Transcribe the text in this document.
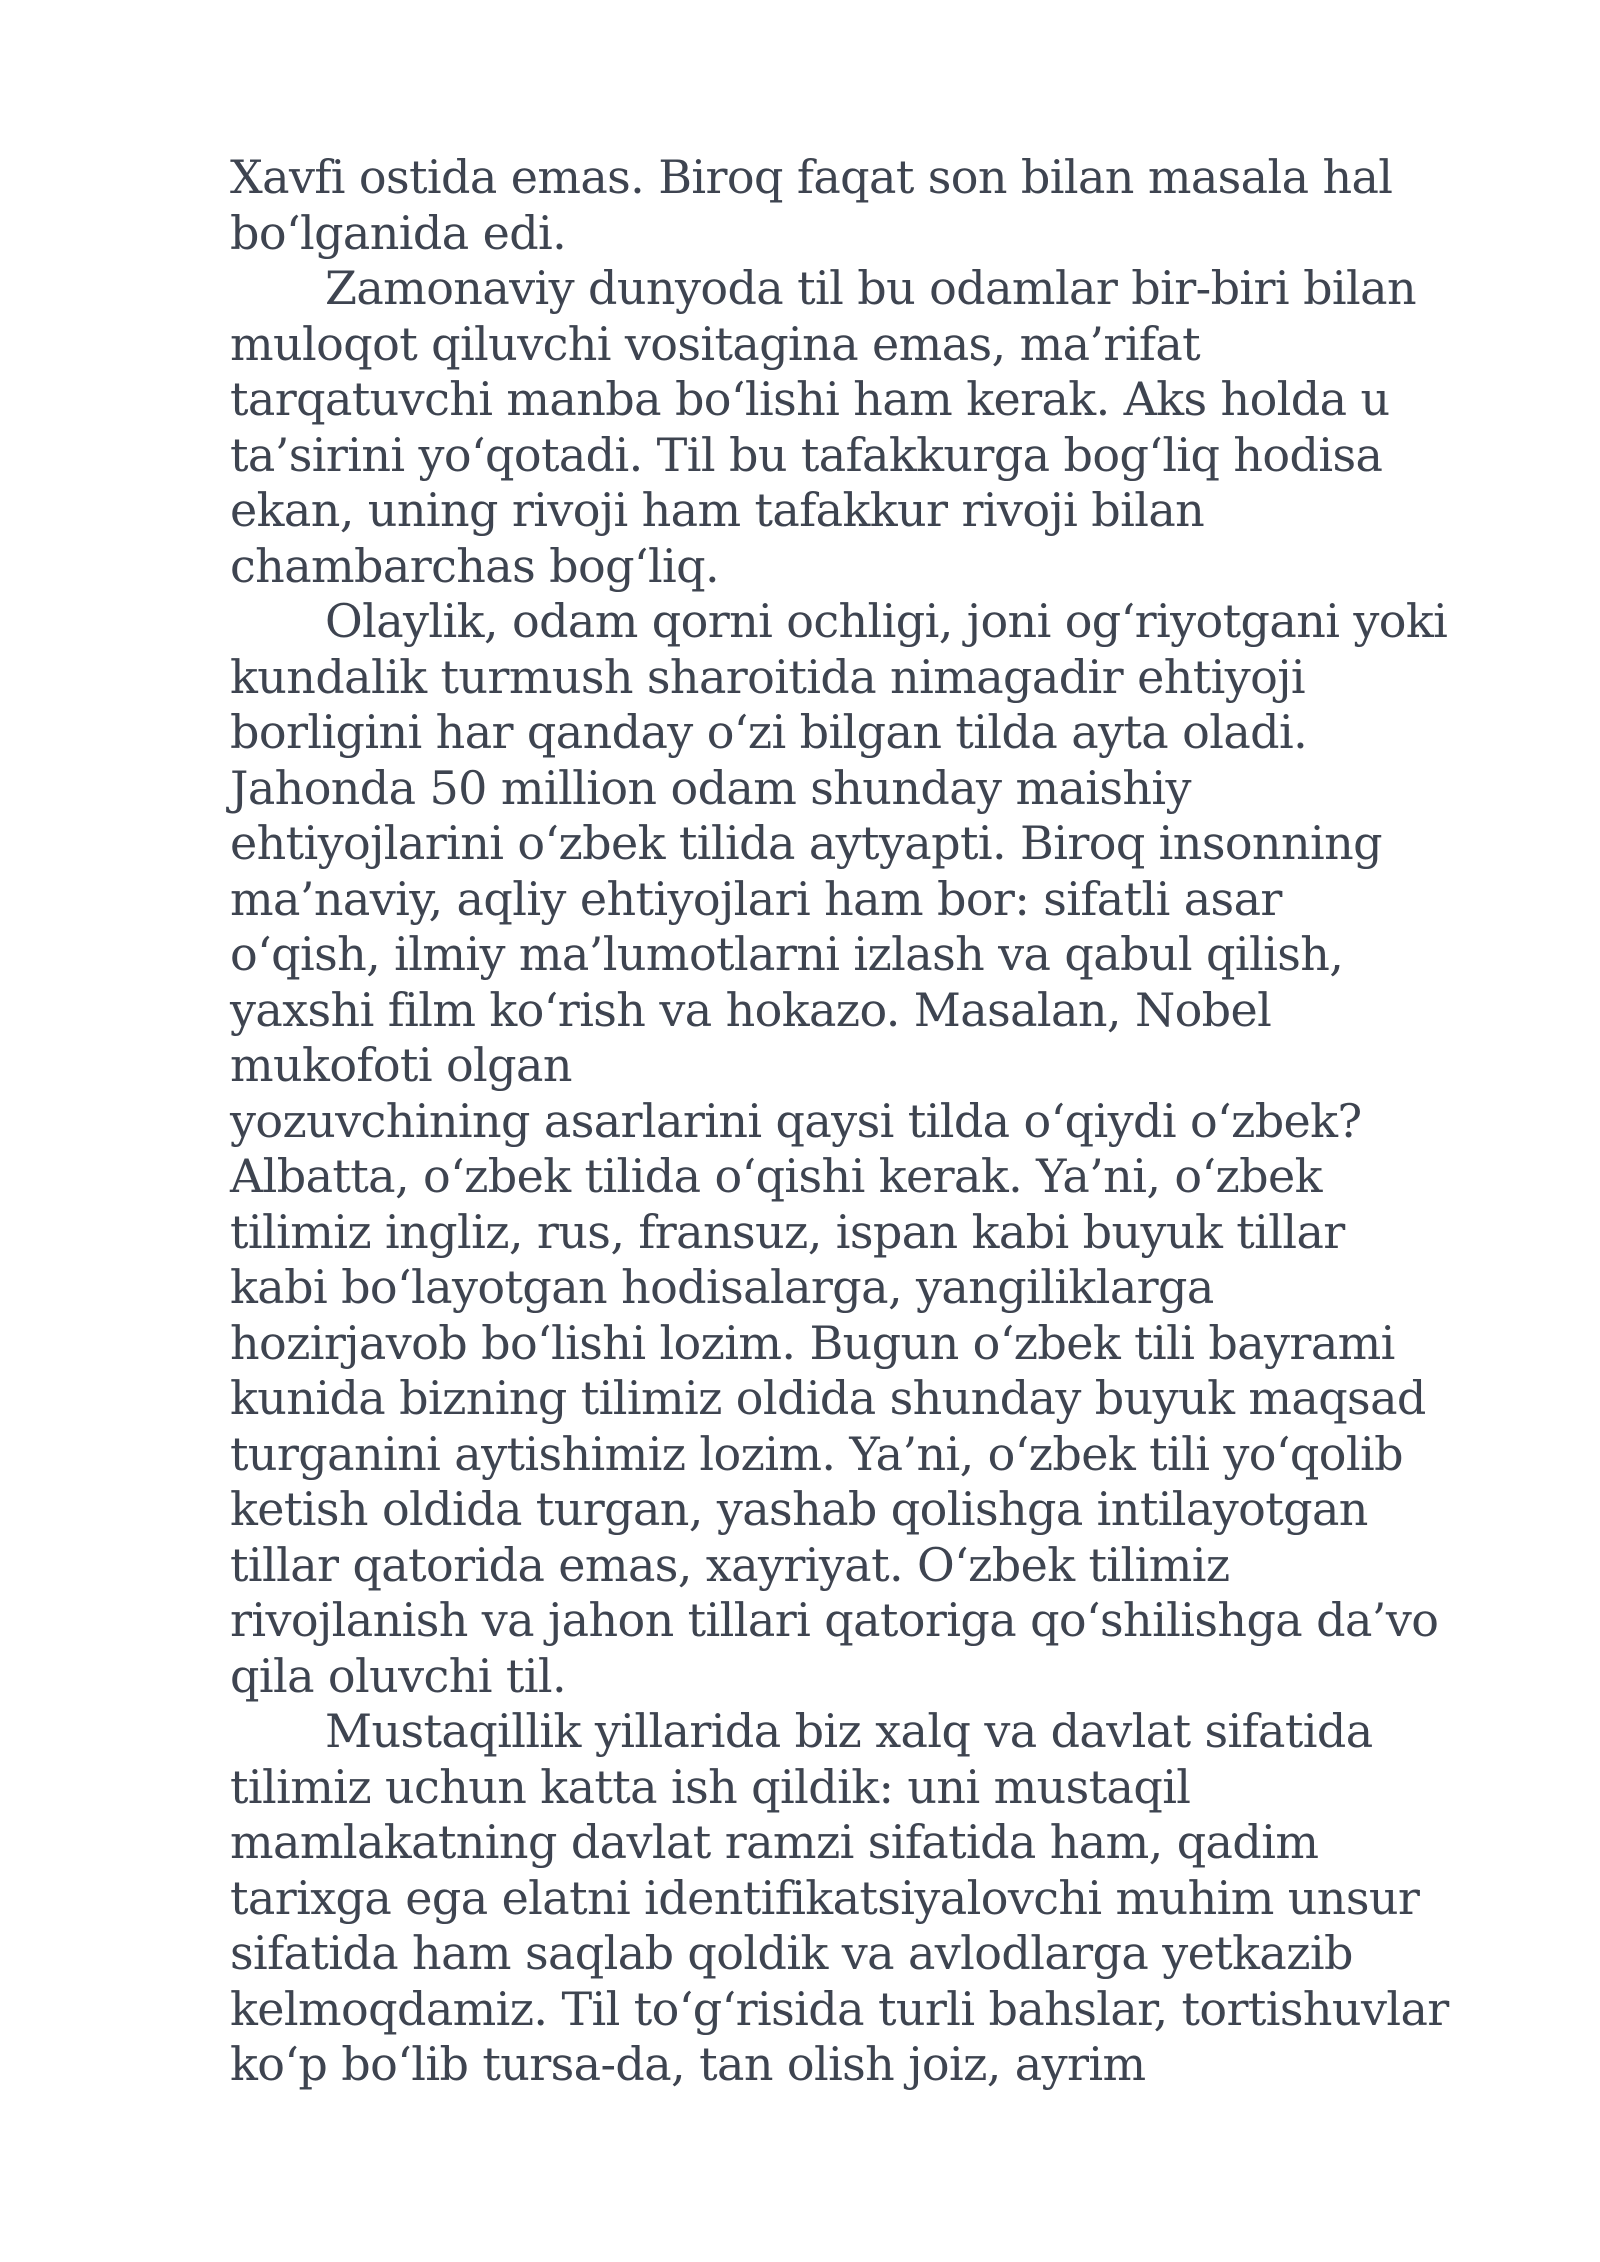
Xavfi ostida emas. Biroq faqat son bilan masala hal
bo‘lganida edi.
Zamonaviy dunyoda til bu odamlar bir-biri bilan
muloqot qiluvchi vositagina emas, ma’rifat
tarqatuvchi manba bo‘lishi ham kerak. Aks holda u
ta’sirini yo‘qotadi. Til bu tafakkurga bog‘liq hodisa
ekan, uning rivoji ham tafakkur rivoji bilan
chambarchas bog‘liq.
Olaylik, odam qorni ochligi, joni og‘riyotgani yoki
kundalik turmush sharoitida nimagadir ehtiyoji
borligini har qanday o‘zi bilgan tilda ayta oladi.
Jahonda 50 million odam shunday maishiy
ehtiyojlarini o‘zbek tilida aytyapti. Biroq insonning
ma’naviy, aqliy ehtiyojlari ham bor: sifatli asar
o‘qish, ilmiy ma’lumotlarni izlash va qabul qilish,
yaxshi film ko‘rish va hokazo. Masalan, Nobel
mukofoti olgan
yozuvchining asarlarini qaysi tilda o‘qiydi o‘zbek?
Albatta, o‘zbek tilida o‘qishi kerak. Ya’ni, o‘zbek
tilimiz ingliz, rus, fransuz, ispan kabi buyuk tillar
kabi bo‘layotgan hodisalarga, yangiliklarga
hozirjavob bo‘lishi lozim. Bugun o‘zbek tili bayrami
kunida bizning tilimiz oldida shunday buyuk maqsad
turganini aytishimiz lozim. Ya’ni, o‘zbek tili yo‘qolib
ketish oldida turgan, yashab qolishga intilayotgan
tillar qatorida emas, xayriyat. O‘zbek tilimiz
rivojlanish va jahon tillari qatoriga qo‘shilishga da’vo
qila oluvchi til.
Mustaqillik yillarida biz xalq va davlat sifatida
tilimiz uchun katta ish qildik: uni mustaqil
mamlakatning davlat ramzi sifatida ham, qadim
tarixga ega elatni identifikatsiyalovchi muhim unsur
sifatida ham saqlab qoldik va avlodlarga yetkazib
kelmoqdamiz. Til to‘g‘risida turli bahslar, tortishuvlar
ko‘p bo‘lib tursa-da, tan olish joiz, ayrim
